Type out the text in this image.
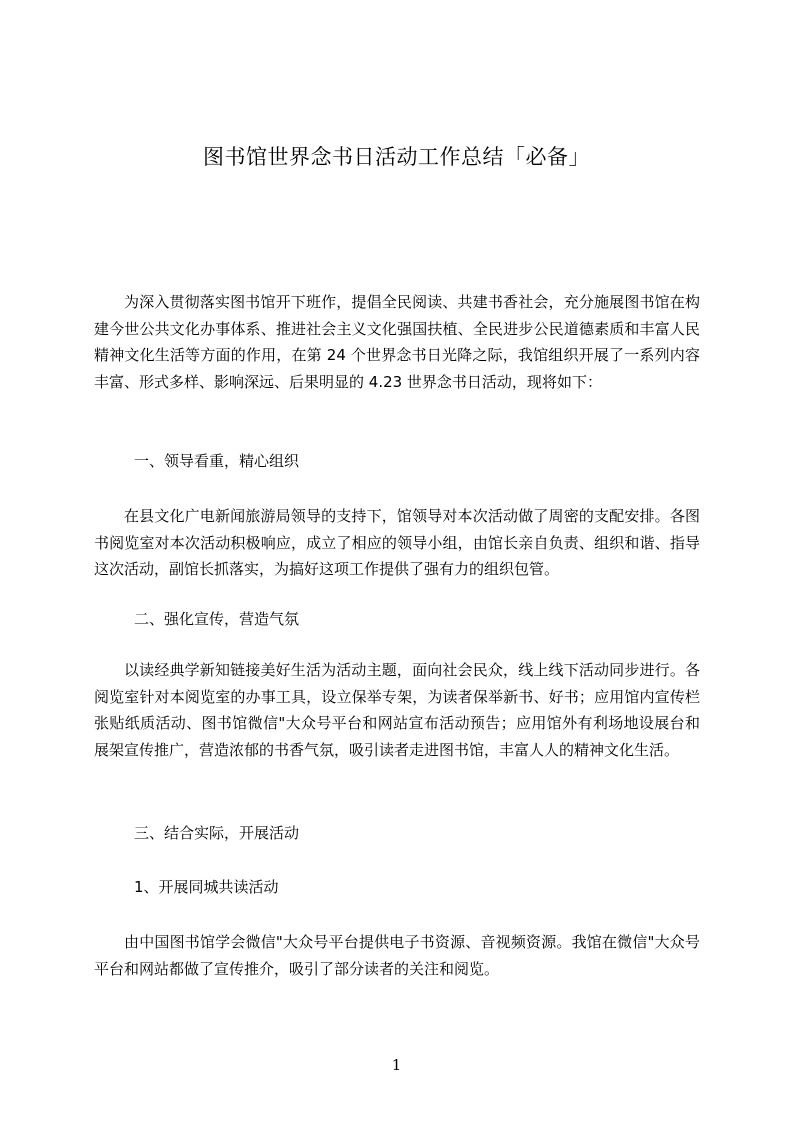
图书馆世界念书日活动工作总结「必备」

为深入贯彻落实图书馆开下班作，提倡全民阅读、共建书香社会，充分施展图书馆在构建今世公共文化办事体系、推进社会主义文化强国扶植、全民进步公民道德素质和丰富人民精神文化生活等方面的作用，在第 24 个世界念书日光降之际，我馆组织开展了一系列内容丰富、形式多样、影响深远、后果明显的 4.23 世界念书日活动，现将如下：

一、领导看重，精心组织

在县文化广电新闻旅游局领导的支持下，馆领导对本次活动做了周密的支配安排。各图书阅览室对本次活动积极响应，成立了相应的领导小组，由馆长亲自负责、组织和谐、指导这次活动，副馆长抓落实，为搞好这项工作提供了强有力的组织包管。

二、强化宣传，营造气氛

以读经典学新知链接美好生活为活动主题，面向社会民众，线上线下活动同步进行。各阅览室针对本阅览室的办事工具，设立保举专架，为读者保举新书、好书；应用馆内宣传栏张贴纸质活动、图书馆微信"大众号平台和网站宣布活动预告；应用馆外有利场地设展台和展架宣传推广，营造浓郁的书香气氛，吸引读者走进图书馆，丰富人人的精神文化生活。

三、结合实际，开展活动
1、开展同城共读活动

由中国图书馆学会微信"大众号平台提供电子书资源、音视频资源。我馆在微信"大众号平台和网站都做了宣传推介，吸引了部分读者的关注和阅览。

1
